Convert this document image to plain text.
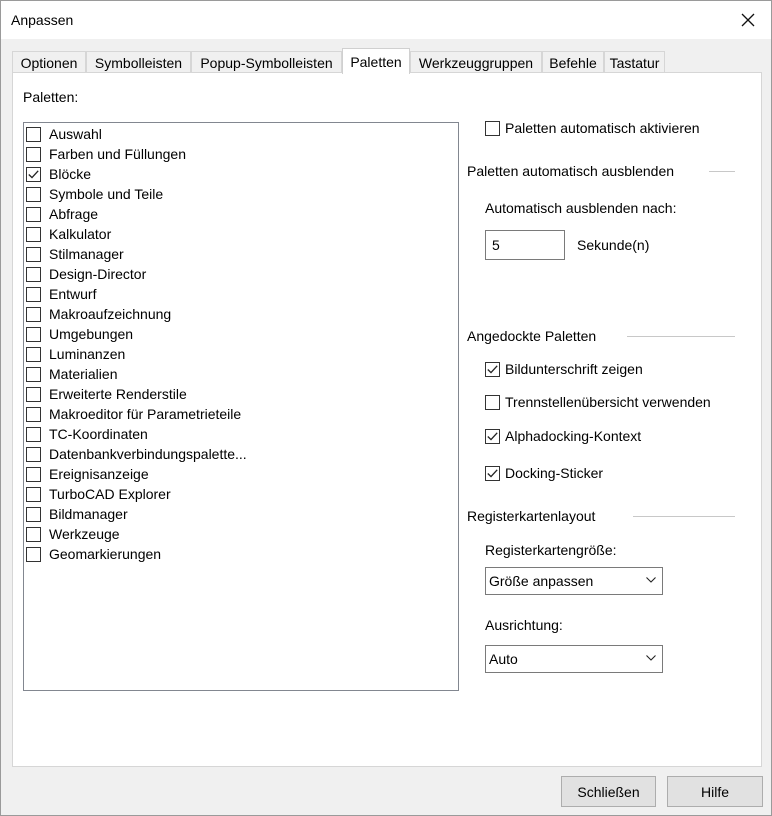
Anpassen
Optionen Symbolleisten Popup-Symbolleisten Paletten Werkzeuggruppen Befehle Tastatur
Paletten:
Auswahl
Farben und Füllungen
Blöcke
Symbole und Teile
Abfrage
Kalkulator
Stilmanager
Design-Director
Entwurf
Makroaufzeichnung
Umgebungen
Luminanzen
Materialien
Erweiterte Renderstile
Makroeditor für Parametrieteile
TC-Koordinaten
Datenbankverbindungspalette...
Ereignisanzeige
TurboCAD Explorer
Bildmanager
Werkzeuge
Geomarkierungen
Paletten automatisch aktivieren
Paletten automatisch ausblenden
Automatisch ausblenden nach:
5	Sekunde(n)
Angedockte Paletten
Bildunterschrift zeigen
Trennstellenübersicht verwenden
Alphadocking-Kontext
Docking-Sticker
Registerkartenlayout
Registerkartengröße:
Größe anpassen
Ausrichtung:
Auto
Schließen	Hilfe
